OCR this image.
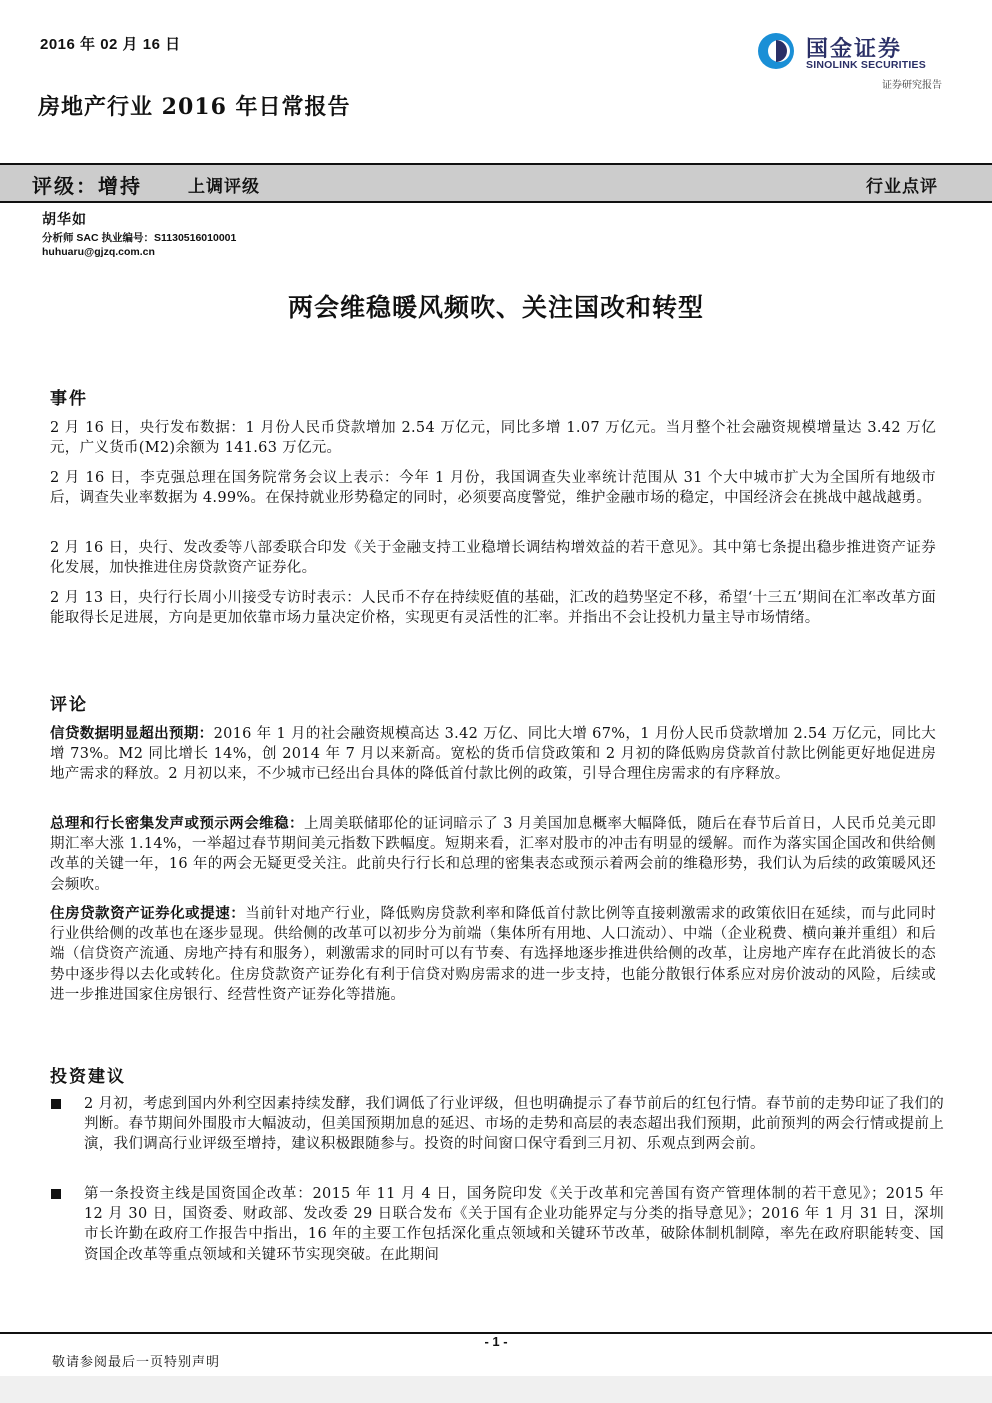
2016 年 02 月 16 日	国金证券
SINOLINK SECURITIES
证券研究报告
房地产行业 2016 年日常报告
评级：增持	上调评级	行业点评
胡华如
分析师 SAC 执业编号：S1130516010001
huhuaru@gjzq.com.cn
两会维稳暖风频吹、关注国改和转型
事件
2 月 16 日，央行发布数据：1 月份人民币贷款增加 2.54 万亿元，同比多增 1.07 万亿元。当月整个社会融资规模增量达 3.42 万亿元，广义货币(M2)余额为 141.63 万亿元。
2 月 16 日，李克强总理在国务院常务会议上表示：今年 1 月份，我国调查失业率统计范围从 31 个大中城市扩大为全国所有地级市后，调查失业率数据为 4.99%。在保持就业形势稳定的同时，必须要高度警觉，维护金融市场的稳定，中国经济会在挑战中越战越勇。
2 月 16 日，央行、发改委等八部委联合印发《关于金融支持工业稳增长调结构增效益的若干意见》。其中第七条提出稳步推进资产证券化发展，加快推进住房贷款资产证券化。
2 月 13 日，央行行长周小川接受专访时表示：人民币不存在持续贬值的基础，汇改的趋势坚定不移，希望‘十三五’期间在汇率改革方面能取得长足进展，方向是更加依靠市场力量决定价格，实现更有灵活性的汇率。并指出不会让投机力量主导市场情绪。
评论
信贷数据明显超出预期：2016 年 1 月的社会融资规模高达 3.42 万亿、同比大增 67%，1 月份人民币贷款增加 2.54 万亿元，同比大增 73%。M2 同比增长 14%，创 2014 年 7 月以来新高。宽松的货币信贷政策和 2 月初的降低购房贷款首付款比例能更好地促进房地产需求的释放。2 月初以来，不少城市已经出台具体的降低首付款比例的政策，引导合理住房需求的有序释放。
总理和行长密集发声或预示两会维稳：上周美联储耶伦的证词暗示了 3 月美国加息概率大幅降低，随后在春节后首日，人民币兑美元即期汇率大涨 1.14%，一举超过春节期间美元指数下跌幅度。短期来看，汇率对股市的冲击有明显的缓解。而作为落实国企国改和供给侧改革的关键一年，16 年的两会无疑更受关注。此前央行行长和总理的密集表态或预示着两会前的维稳形势，我们认为后续的政策暖风还会频吹。
住房贷款资产证券化或提速：当前针对地产行业，降低购房贷款利率和降低首付款比例等直接刺激需求的政策依旧在延续，而与此同时行业供给侧的改革也在逐步显现。供给侧的改革可以初步分为前端（集体所有用地、人口流动）、中端（企业税费、横向兼并重组）和后端（信贷资产流通、房地产持有和服务），刺激需求的同时可以有节奏、有选择地逐步推进供给侧的改革，让房地产库存在此消彼长的态势中逐步得以去化或转化。住房贷款资产证券化有利于信贷对购房需求的进一步支持，也能分散银行体系应对房价波动的风险，后续或进一步推进国家住房银行、经营性资产证券化等措施。
投资建议
2 月初，考虑到国内外利空因素持续发酵，我们调低了行业评级，但也明确提示了春节前后的红包行情。春节前的走势印证了我们的判断。春节期间外围股市大幅波动，但美国预期加息的延迟、市场的走势和高层的表态超出我们预期，此前预判的两会行情或提前上演，我们调高行业评级至增持，建议积极跟随参与。投资的时间窗口保守看到三月初、乐观点到两会前。
第一条投资主线是国资国企改革：2015 年 11 月 4 日，国务院印发《关于改革和完善国有资产管理体制的若干意见》；2015 年 12 月 30 日，国资委、财政部、发改委 29 日联合发布《关于国有企业功能界定与分类的指导意见》；2016 年 1 月 31 日，深圳市长许勤在政府工作报告中指出，16 年的主要工作包括深化重点领域和关键环节改革，破除体制机制障，率先在政府职能转变、国资国企改革等重点领域和关键环节实现突破。在此期间
- 1 -
敬请参阅最后一页特别声明
